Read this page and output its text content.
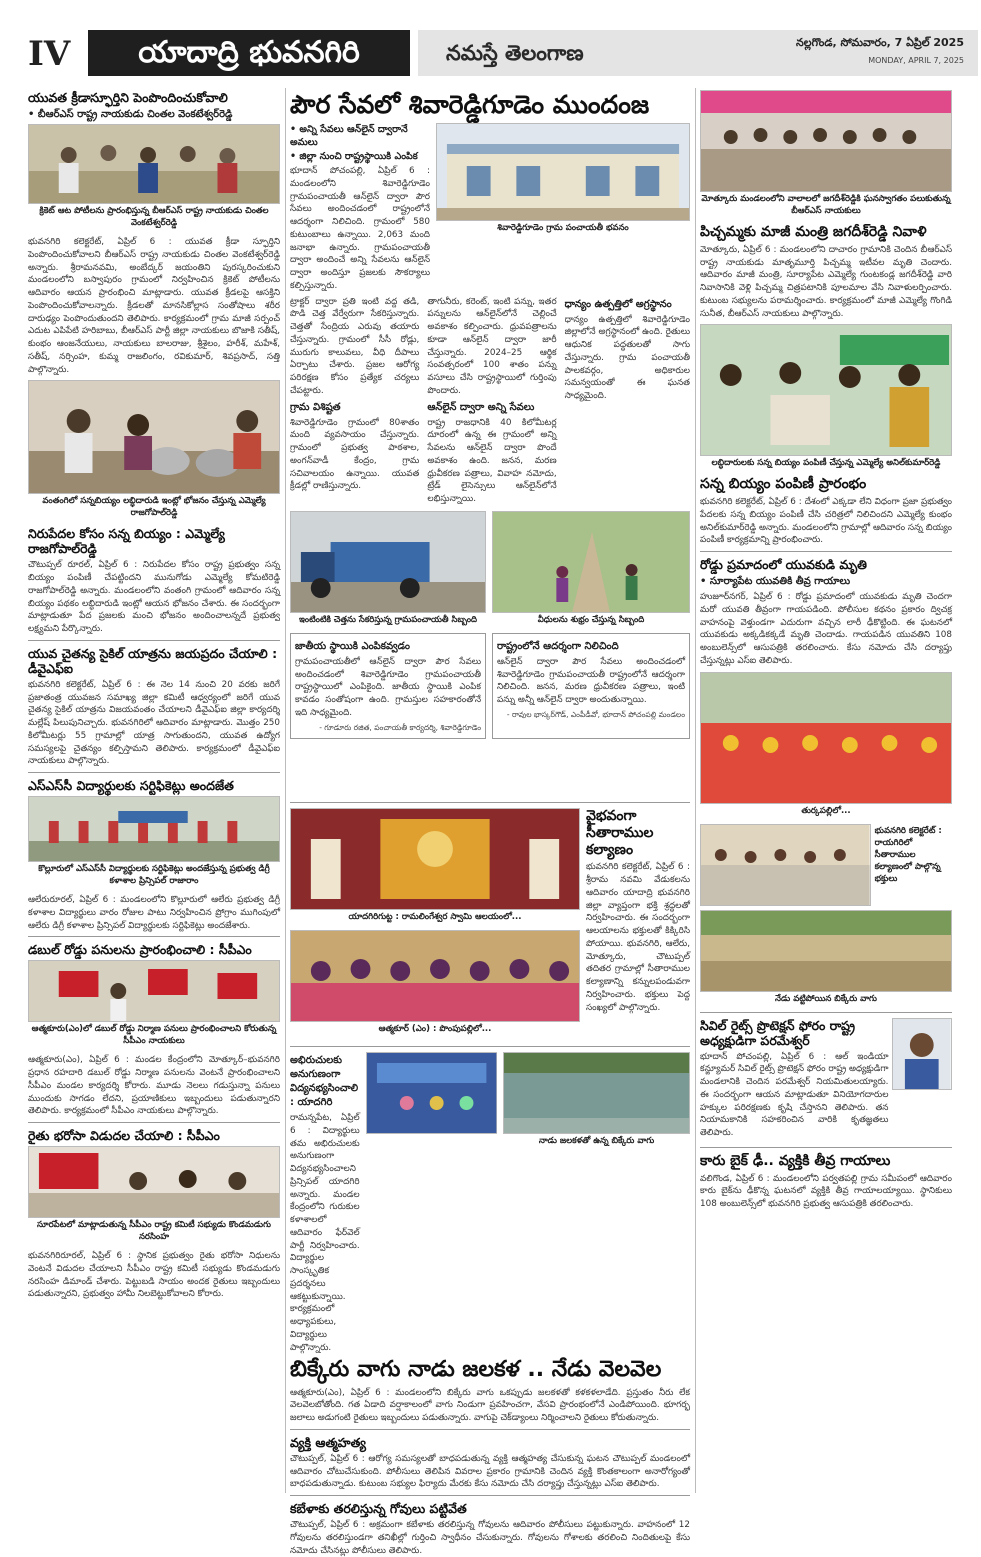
IV	యాదాద్రి భువనగిరి	నమస్తే తెలంగాణ	నల్లగొండ, సోమవారం, 7 ఏప్రిల్ 2025
MONDAY, APRIL 7, 2025
యువత క్రీడాస్ఫూర్తిని పెంపొందించుకోవాలి
• బీఆర్ఎస్ రాష్ట్ర నాయకుడు చింతల వెంకటేశ్వర్‌రెడ్డి
క్రికెట్ ఆట పోటీలను ప్రారంభిస్తున్న బీఆర్ఎస్ రాష్ట్ర నాయకుడు చింతల వెంకటేశ్వర్‌రెడ్డి
భువనగిరి కలెక్టరేట్, ఏప్రిల్ 6 : యువత క్రీడా స్ఫూర్తిని పెంపొందించుకోవాలని బీఆర్ఎస్ రాష్ట్ర నాయకుడు చింతల వెంకటేశ్వర్‌రెడ్డి అన్నారు. శ్రీరామనవమి, అంబేద్కర్ జయంతిని పురస్కరించుకుని మండలంలోని బస్వాపురం గ్రామంలో నిర్వహించిన క్రికెట్ పోటీలను ఆదివారం ఆయన ప్రారంభించి మాట్లాడారు. యువత క్రీడలపై ఆసక్తిని పెంపొందించుకోవాలన్నారు. క్రీడలతో మానసికోల్లాస సంతోషాలు శరీర దారుఢ్యం పెంపొందుతుందని తెలిపారు. కార్యక్రమంలో గ్రామ మాజీ సర్పంచ్ ఎదుట ఎపిపేటి హరిబాబు, బీఆర్ఎస్ పార్టీ జిల్లా నాయకులు బొజాకి సతీష్, కుంభం ఆంజనేయులు, నాయకులు బాలరాజు, శ్రీశైలం, హరీశ్, మహేశ్, సతీష్, నర్సింహ, కుమ్మ రాజలింగం, రవికుమార్, శివప్రసాద్, సత్తి పాల్గొన్నారు.
వంతంగిలో సన్నబియ్యం లబ్ధిదారుడి ఇంట్లో భోజనం చేస్తున్న ఎమ్మెల్యే రాజగోపాల్‌రెడ్డి
నిరుపేదల కోసం సన్న బియ్యం : ఎమ్మెల్యే రాజగోపాల్‌రెడ్డి
చౌటుప్పల్ రూరల్, ఏప్రిల్ 6 : నిరుపేదల కోసం రాష్ట్ర ప్రభుత్వం సన్న బియ్యం పంపిణీ చేపట్టిందని మునుగోడు ఎమ్మెల్యే కోమటిరెడ్డి రాజగోపాల్‌రెడ్డి అన్నారు. మండలంలోని వంతంగి గ్రామంలో ఆదివారం సన్న బియ్యం పథకం లబ్ధిదారుడి ఇంట్లో ఆయన భోజనం చేశారు. ఈ సందర్భంగా మాట్లాడుతూ పేద ప్రజలకు మంచి భోజనం అందించాలన్నదే ప్రభుత్వ లక్ష్యమని పేర్కొన్నారు.
యువ చైతన్య సైకిల్ యాత్రను జయప్రదం చేయాలి : డీవైఎఫ్ఐ
భువనగిరి కలెక్టరేట్, ఏప్రిల్ 6 : ఈ నెల 14 నుంచి 20 వరకు జరిగే ప్రజాతంత్ర యువజన సమాఖ్య జిల్లా కమిటీ ఆధ్వర్యంలో జరిగే యువ చైతన్య సైకిల్ యాత్రను విజయవంతం చేయాలని డీవైఎఫ్ఐ జిల్లా కార్యదర్శి మల్లేష్ పిలుపునిచ్చారు. భువనగిరిలో ఆదివారం మాట్లాడారు. మొత్తం 250 కిలోమీటర్లు 55 గ్రామాల్లో యాత్ర సాగుతుందని, యువత ఉద్యోగ సమస్యలపై చైతన్యం కల్పిస్తామని తెలిపారు. కార్యక్రమంలో డీవైఎఫ్ఐ నాయకులు పాల్గొన్నారు.
ఎస్ఎస్‌సీ విద్యార్థులకు సర్టిఫికెట్లు అందజేత
కొల్లూరులో ఎస్ఎస్‌సీ విద్యార్థులకు సర్టిఫికెట్లు అందజేస్తున్న ప్రభుత్వ డిగ్రీ కళాశాల ప్రిన్సిపల్ రాజారాం
ఆలేరురూరల్, ఏప్రిల్ 6 : మండలంలోని కొల్లూరులో ఆలేరు ప్రభుత్వ డిగ్రీ కళాశాల విద్యార్థులు వారం రోజుల పాటు నిర్వహించిన ప్రోగ్రాం ముగింపులో ఆలేరు డిగ్రీ కళాశాల ప్రిన్సిపల్ విద్యార్థులకు సర్టిఫికెట్లు అందజేశారు.
డబుల్ రోడ్డు పనులను ప్రారంభించాలి : సీపీఎం
ఆత్మకూరు(ఎం)లో డబుల్ రోడ్డు నిర్మాణ పనులు ప్రారంభించాలని కోరుతున్న సీపీఎం నాయకులు
ఆత్మకూరు(ఎం), ఏప్రిల్ 6 : మండల కేంద్రంలోని మోత్కూర్–భువనగిరి ప్రధాన రహదారి డబుల్ రోడ్డు నిర్మాణ పనులను వెంటనే ప్రారంభించాలని సీపీఎం మండల కార్యదర్శి కోరారు. మూడు నెలలు గడుస్తున్నా పనులు ముందుకు సాగడం లేదని, ప్రయాణికులు ఇబ్బందులు పడుతున్నారని తెలిపారు. కార్యక్రమంలో సీపీఎం నాయకులు పాల్గొన్నారు.
రైతు భరోసా విడుదల చేయాలి : సీపీఎం
సూరపేటలో మాట్లాడుతున్న సీపీఎం రాష్ట్ర కమిటీ సభ్యుడు కొండమడుగు నరసింహ
భువనగిరిరూరల్, ఏప్రిల్ 6 : స్థానిక ప్రభుత్వం రైతు భరోసా నిధులను వెంటనే విడుదల చేయాలని సీపీఎం రాష్ట్ర కమిటీ సభ్యుడు కొండమడుగు నరసింహ డిమాండ్ చేశారు. పెట్టుబడి సాయం అందక రైతులు ఇబ్బందులు పడుతున్నారని, ప్రభుత్వం హామీ నిలబెట్టుకోవాలని కోరారు.
పౌర సేవలో శివారెడ్డిగూడెం ముందంజ
• అన్ని సేవలు ఆన్‌లైన్ ద్వారానే అమలు
• జిల్లా నుంచి రాష్ట్రస్థాయికి ఎంపిక
భూదాన్ పోచంపల్లి, ఏప్రిల్ 6 : మండలంలోని శివారెడ్డిగూడెం గ్రామపంచాయతీ ఆన్‌లైన్ ద్వారా పౌర సేవలు అందించడంలో రాష్ట్రంలోనే ఆదర్శంగా నిలిచింది. గ్రామంలో 580 కుటుంబాలు ఉన్నాయి. 2,063 మంది జనాభా ఉన్నారు. గ్రామపంచాయతీ ద్వారా అందించే అన్ని సేవలను ఆన్‌లైన్ ద్వారా అందిస్తూ ప్రజలకు సౌకర్యాలు కల్పిస్తున్నారు.
శివారెడ్డిగూడెం గ్రామ పంచాయతీ భవనం
ట్రాక్టర్ ద్వారా ప్రతి ఇంటి వద్ద తడి, పొడి చెత్త వేర్వేరుగా సేకరిస్తున్నారు. చెత్తతో సేంద్రియ ఎరువు తయారు చేస్తున్నారు. గ్రామంలో సీసీ రోడ్లు, మురుగు కాలువలు, వీధి దీపాలు ఏర్పాటు చేశారు. ప్రజల ఆరోగ్య పరిరక్షణ కోసం ప్రత్యేక చర్యలు చేపట్టారు.
గ్రామ విశిష్టత
శివారెడ్డిగూడెం గ్రామంలో 80శాతం మంది వ్యవసాయం చేస్తున్నారు. గ్రామంలో ప్రభుత్వ పాఠశాల, అంగన్‌వాడీ కేంద్రం, గ్రామ సచివాలయం ఉన్నాయి. యువత క్రీడల్లో రాణిస్తున్నారు.
తాగునీరు, కరెంట్, ఇంటి పన్ను, ఇతర పన్నులను ఆన్‌లైన్‌లోనే చెల్లించే అవకాశం కల్పించారు. ధ్రువపత్రాలను కూడా ఆన్‌లైన్ ద్వారా జారీ చేస్తున్నారు. 2024–25 ఆర్థిక సంవత్సరంలో 100 శాతం పన్ను వసూలు చేసి రాష్ట్రస్థాయిలో గుర్తింపు పొందారు.
ఆన్‌లైన్ ద్వారా అన్ని సేవలు
రాష్ట్ర రాజధానికి 40 కిలోమీటర్ల దూరంలో ఉన్న ఈ గ్రామంలో అన్ని సేవలను ఆన్‌లైన్ ద్వారా పొందే అవకాశం ఉంది. జనన, మరణ ధ్రువీకరణ పత్రాలు, వివాహ నమోదు, ట్రేడ్ లైసెన్సులు ఆన్‌లైన్‌లోనే లభిస్తున్నాయి.
ధాన్యం ఉత్పత్తిలో అగ్రస్థానం
ధాన్యం ఉత్పత్తిలో శివారెడ్డిగూడెం జిల్లాలోనే అగ్రస్థానంలో ఉంది. రైతులు ఆధునిక పద్ధతులతో సాగు చేస్తున్నారు. గ్రామ పంచాయతీ పాలకవర్గం, అధికారుల సమన్వయంతో ఈ ఘనత సాధ్యమైంది.
ఇంటింటికి చెత్తను సేకరిస్తున్న గ్రామపంచాయతీ సిబ్బంది	వీధులను శుభ్రం చేస్తున్న సిబ్బంది
జాతీయ స్థాయికి ఎంపికవ్వడం
గ్రామపంచాయతీలో ఆన్‌లైన్ ద్వారా పౌర సేవలు అందించడంలో శివారెడ్డిగూడెం గ్రామపంచాయతీ రాష్ట్రస్థాయిలో ఎంపికైంది. జాతీయ స్థాయికి ఎంపిక కావడం సంతోషంగా ఉంది. గ్రామస్తుల సహకారంతోనే ఇది సాధ్యమైంది.
- గూడూరు రజిత, పంచాయతీ కార్యదర్శి, శివారెడ్డిగూడెం
రాష్ట్రంలోనే ఆదర్శంగా నిలిచింది
ఆన్‌లైన్ ద్వారా పౌర సేవలు అందించడంలో శివారెడ్డిగూడెం గ్రామపంచాయతీ రాష్ట్రంలోనే ఆదర్శంగా నిలిచింది. జనన, మరణ ధ్రువీకరణ పత్రాలు, ఇంటి పన్ను అన్నీ ఆన్‌లైన్ ద్వారా అందుతున్నాయి.
- రావుల భాస్కర్‌గౌడ్, ఎంపీడీవో, భూదాన్ పోచంపల్లి మండలం
యాదగిరిగుట్ట : రామలింగేశ్వర స్వామి ఆలయంలో...
ఆత్మకూర్ (ఎం) : పొంపుపల్లిలో...
వైభవంగా సీతారాముల కల్యాణం
భువనగిరి కలెక్టరేట్, ఏప్రిల్ 6 : శ్రీరామ నవమి వేడుకలను ఆదివారం యాదాద్రి భువనగిరి జిల్లా వ్యాప్తంగా భక్తి శ్రద్ధలతో నిర్వహించారు. ఈ సందర్భంగా ఆలయాలను భక్తులతో కిక్కిరిసి పోయాయి. భువనగిరి, ఆలేరు, మోత్కూరు, చౌటుప్పల్ తదితర గ్రామాల్లో సీతారాముల కల్యాణాన్ని కన్నులపండువగా నిర్వహించారు. భక్తులు పెద్ద సంఖ్యలో పాల్గొన్నారు.
అభిరుచులకు అనుగుణంగా విద్యనభ్యసించాలి : యాదగిరి
రామన్నపేట, ఏప్రిల్ 6 : విద్యార్థులు తమ అభిరుచులకు అనుగుణంగా విద్యనభ్యసించాలని ప్రిన్సిపల్ యాదగిరి అన్నారు. మండల కేంద్రంలోని గురుకుల కళాశాలలో ఆదివారం ఫేర్‌వెల్ పార్టీ నిర్వహించారు. విద్యార్థుల సాంస్కృతిక ప్రదర్శనలు ఆకట్టుకున్నాయి. కార్యక్రమంలో అధ్యాపకులు, విద్యార్థులు పాల్గొన్నారు.
నాడు జలకళతో ఉన్న బిక్కేరు వాగు
బిక్కేరు వాగు నాడు జలకళ .. నేడు వెలవెల
ఆత్మకూరు(ఎం), ఏప్రిల్ 6 : మండలంలోని బిక్కేరు వాగు ఒకప్పుడు జలకళతో కళకళలాడేది. ప్రస్తుతం నీరు లేక వెలవెలబోతోంది. గత ఏడాది వర్షాకాలంలో వాగు నిండుగా ప్రవహించగా, వేసవి ప్రారంభంలోనే ఎండిపోయింది. భూగర్భ జలాలు అడుగంటి రైతులు ఇబ్బందులు పడుతున్నారు. వాగుపై చెక్‌డ్యాంలు నిర్మించాలని రైతులు కోరుతున్నారు.
వ్యక్తి ఆత్మహత్య
చౌటుప్పల్, ఏప్రిల్ 6 : ఆరోగ్య సమస్యలతో బాధపడుతున్న వ్యక్తి ఆత్మహత్య చేసుకున్న ఘటన చౌటుప్పల్ మండలంలో ఆదివారం చోటుచేసుకుంది. పోలీసులు తెలిపిన వివరాల ప్రకారం గ్రామానికి చెందిన వ్యక్తి కొంతకాలంగా అనారోగ్యంతో బాధపడుతున్నాడు. కుటుంబ సభ్యుల ఫిర్యాదు మేరకు కేసు నమోదు చేసి దర్యాప్తు చేస్తున్నట్లు ఎస్ఐ తెలిపారు.
కబేళాకు తరలిస్తున్న గోవులు పట్టివేత
చౌటుప్పల్, ఏప్రిల్ 6 : అక్రమంగా కబేళాకు తరలిస్తున్న గోవులను ఆదివారం పోలీసులు పట్టుకున్నారు. వాహనంలో 12 గోవులను తరలిస్తుండగా తనిఖీల్లో గుర్తించి స్వాధీనం చేసుకున్నారు. గోవులను గోశాలకు తరలించి నిందితులపై కేసు నమోదు చేసినట్లు పోలీసులు తెలిపారు.
మోత్కూరు మండలంలోని వాలాలలో జగదీశ్‌రెడ్డికి ఘనస్వాగతం పలుకుతున్న బీఆర్ఎస్ నాయకులు
పిచ్చమ్మకు మాజీ మంత్రి జగదీశ్‌రెడ్డి నివాళి
మోత్కూరు, ఏప్రిల్ 6 : మండలంలోని దాచారం గ్రామానికి చెందిన బీఆర్ఎస్ రాష్ట్ర నాయకుడు మాతృమూర్తి పిచ్చమ్మ ఇటీవల మృతి చెందారు. ఆదివారం మాజీ మంత్రి, సూర్యాపేట ఎమ్మెల్యే గుంటకండ్ల జగదీశ్‌రెడ్డి వారి నివాసానికి వెళ్లి పిచ్చమ్మ చిత్రపటానికి పూలమాల వేసి నివాళులర్పించారు. కుటుంబ సభ్యులను పరామర్శించారు. కార్యక్రమంలో మాజీ ఎమ్మెల్యే గొంగిడి సునీత, బీఆర్ఎస్ నాయకులు పాల్గొన్నారు.
లబ్ధిదారులకు సన్న బియ్యం పంపిణీ చేస్తున్న ఎమ్మెల్యే అనిల్‌కుమార్‌రెడ్డి
సన్న బియ్యం పంపిణీ ప్రారంభం
భువనగిరి కలెక్టరేట్, ఏప్రిల్ 6 : దేశంలో ఎక్కడా లేని విధంగా ప్రజా ప్రభుత్వం పేదలకు సన్న బియ్యం పంపిణీ చేసి చరిత్రలో నిలిచిందని ఎమ్మెల్యే కుంభం అనిల్‌కుమార్‌రెడ్డి అన్నారు. మండలంలోని గ్రామాల్లో ఆదివారం సన్న బియ్యం పంపిణీ కార్యక్రమాన్ని ప్రారంభించారు.
రోడ్డు ప్రమాదంలో యువకుడి మృతి
• సూర్యాపేట యువతికి తీవ్ర గాయాలు
హుజూర్‌నగర్, ఏప్రిల్ 6 : రోడ్డు ప్రమాదంలో యువకుడు మృతి చెందగా మరో యువతి తీవ్రంగా గాయపడింది. పోలీసుల కథనం ప్రకారం ద్విచక్ర వాహనంపై వెళ్తుండగా ఎదురుగా వచ్చిన లారీ ఢీకొట్టింది. ఈ ఘటనలో యువకుడు అక్కడికక్కడే మృతి చెందాడు. గాయపడిన యువతిని 108 అంబులెన్స్‌లో ఆసుపత్రికి తరలించారు. కేసు నమోదు చేసి దర్యాప్తు చేస్తున్నట్లు ఎస్ఐ తెలిపారు.
తుర్కపల్లిలో...
భువనగిరి కలెక్టరేట్ : రాయగిరిలో సీతారాముల కల్యాణంలో పాల్గొన్న భక్తులు
నేడు వట్టిపోయిన బిక్కేరు వాగు
సివిల్ రైట్స్ ప్రొటెక్షన్ ఫోరం రాష్ట్ర అధ్యక్షుడిగా పరమేశ్వర్
భూదాన్ పోచంపల్లి, ఏప్రిల్ 6 : ఆల్ ఇండియా కన్జ్యూమర్ సివిల్ రైట్స్ ప్రొటెక్షన్ ఫోరం రాష్ట్ర అధ్యక్షుడిగా మండలానికి చెందిన పరమేశ్వర్ నియమితులయ్యారు. ఈ సందర్భంగా ఆయన మాట్లాడుతూ వినియోగదారుల హక్కుల పరిరక్షణకు కృషి చేస్తానని తెలిపారు. తన నియామకానికి సహకరించిన వారికి కృతజ్ఞతలు తెలిపారు.
కారు బైక్ ఢీ.. వ్యక్తికి తీవ్ర గాయాలు
వలిగొండ, ఏప్రిల్ 6 : మండలంలోని పర్వతపల్లి గ్రామ సమీపంలో ఆదివారం కారు బైక్‌ను ఢీకొన్న ఘటనలో వ్యక్తికి తీవ్ర గాయాలయ్యాయి. స్థానికులు 108 అంబులెన్స్‌లో భువనగిరి ప్రభుత్వ ఆసుపత్రికి తరలించారు.
